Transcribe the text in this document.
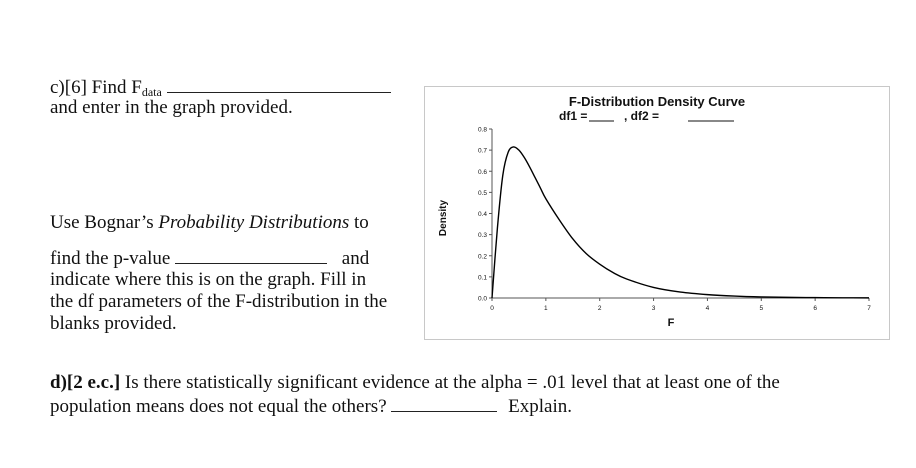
c)[6] Find Fdata
and enter in the graph provided.
Use Bognar’s Probability Distributions to
find the p-value	and
indicate where this is on the graph. Fill in
the df parameters of the F-distribution in the
blanks provided.
d)[2 e.c.] Is there statistically significant evidence at the alpha = .01 level that at least one of the
population means does not equal the others?	Explain.
F-Distribution Density Curve
df1 =	, df2 =
Density
F
0.0
0.1
0.2
0.3
0.4
0.5
0.6
0.7
0.8
0	1	2	3	4	5	6	7
